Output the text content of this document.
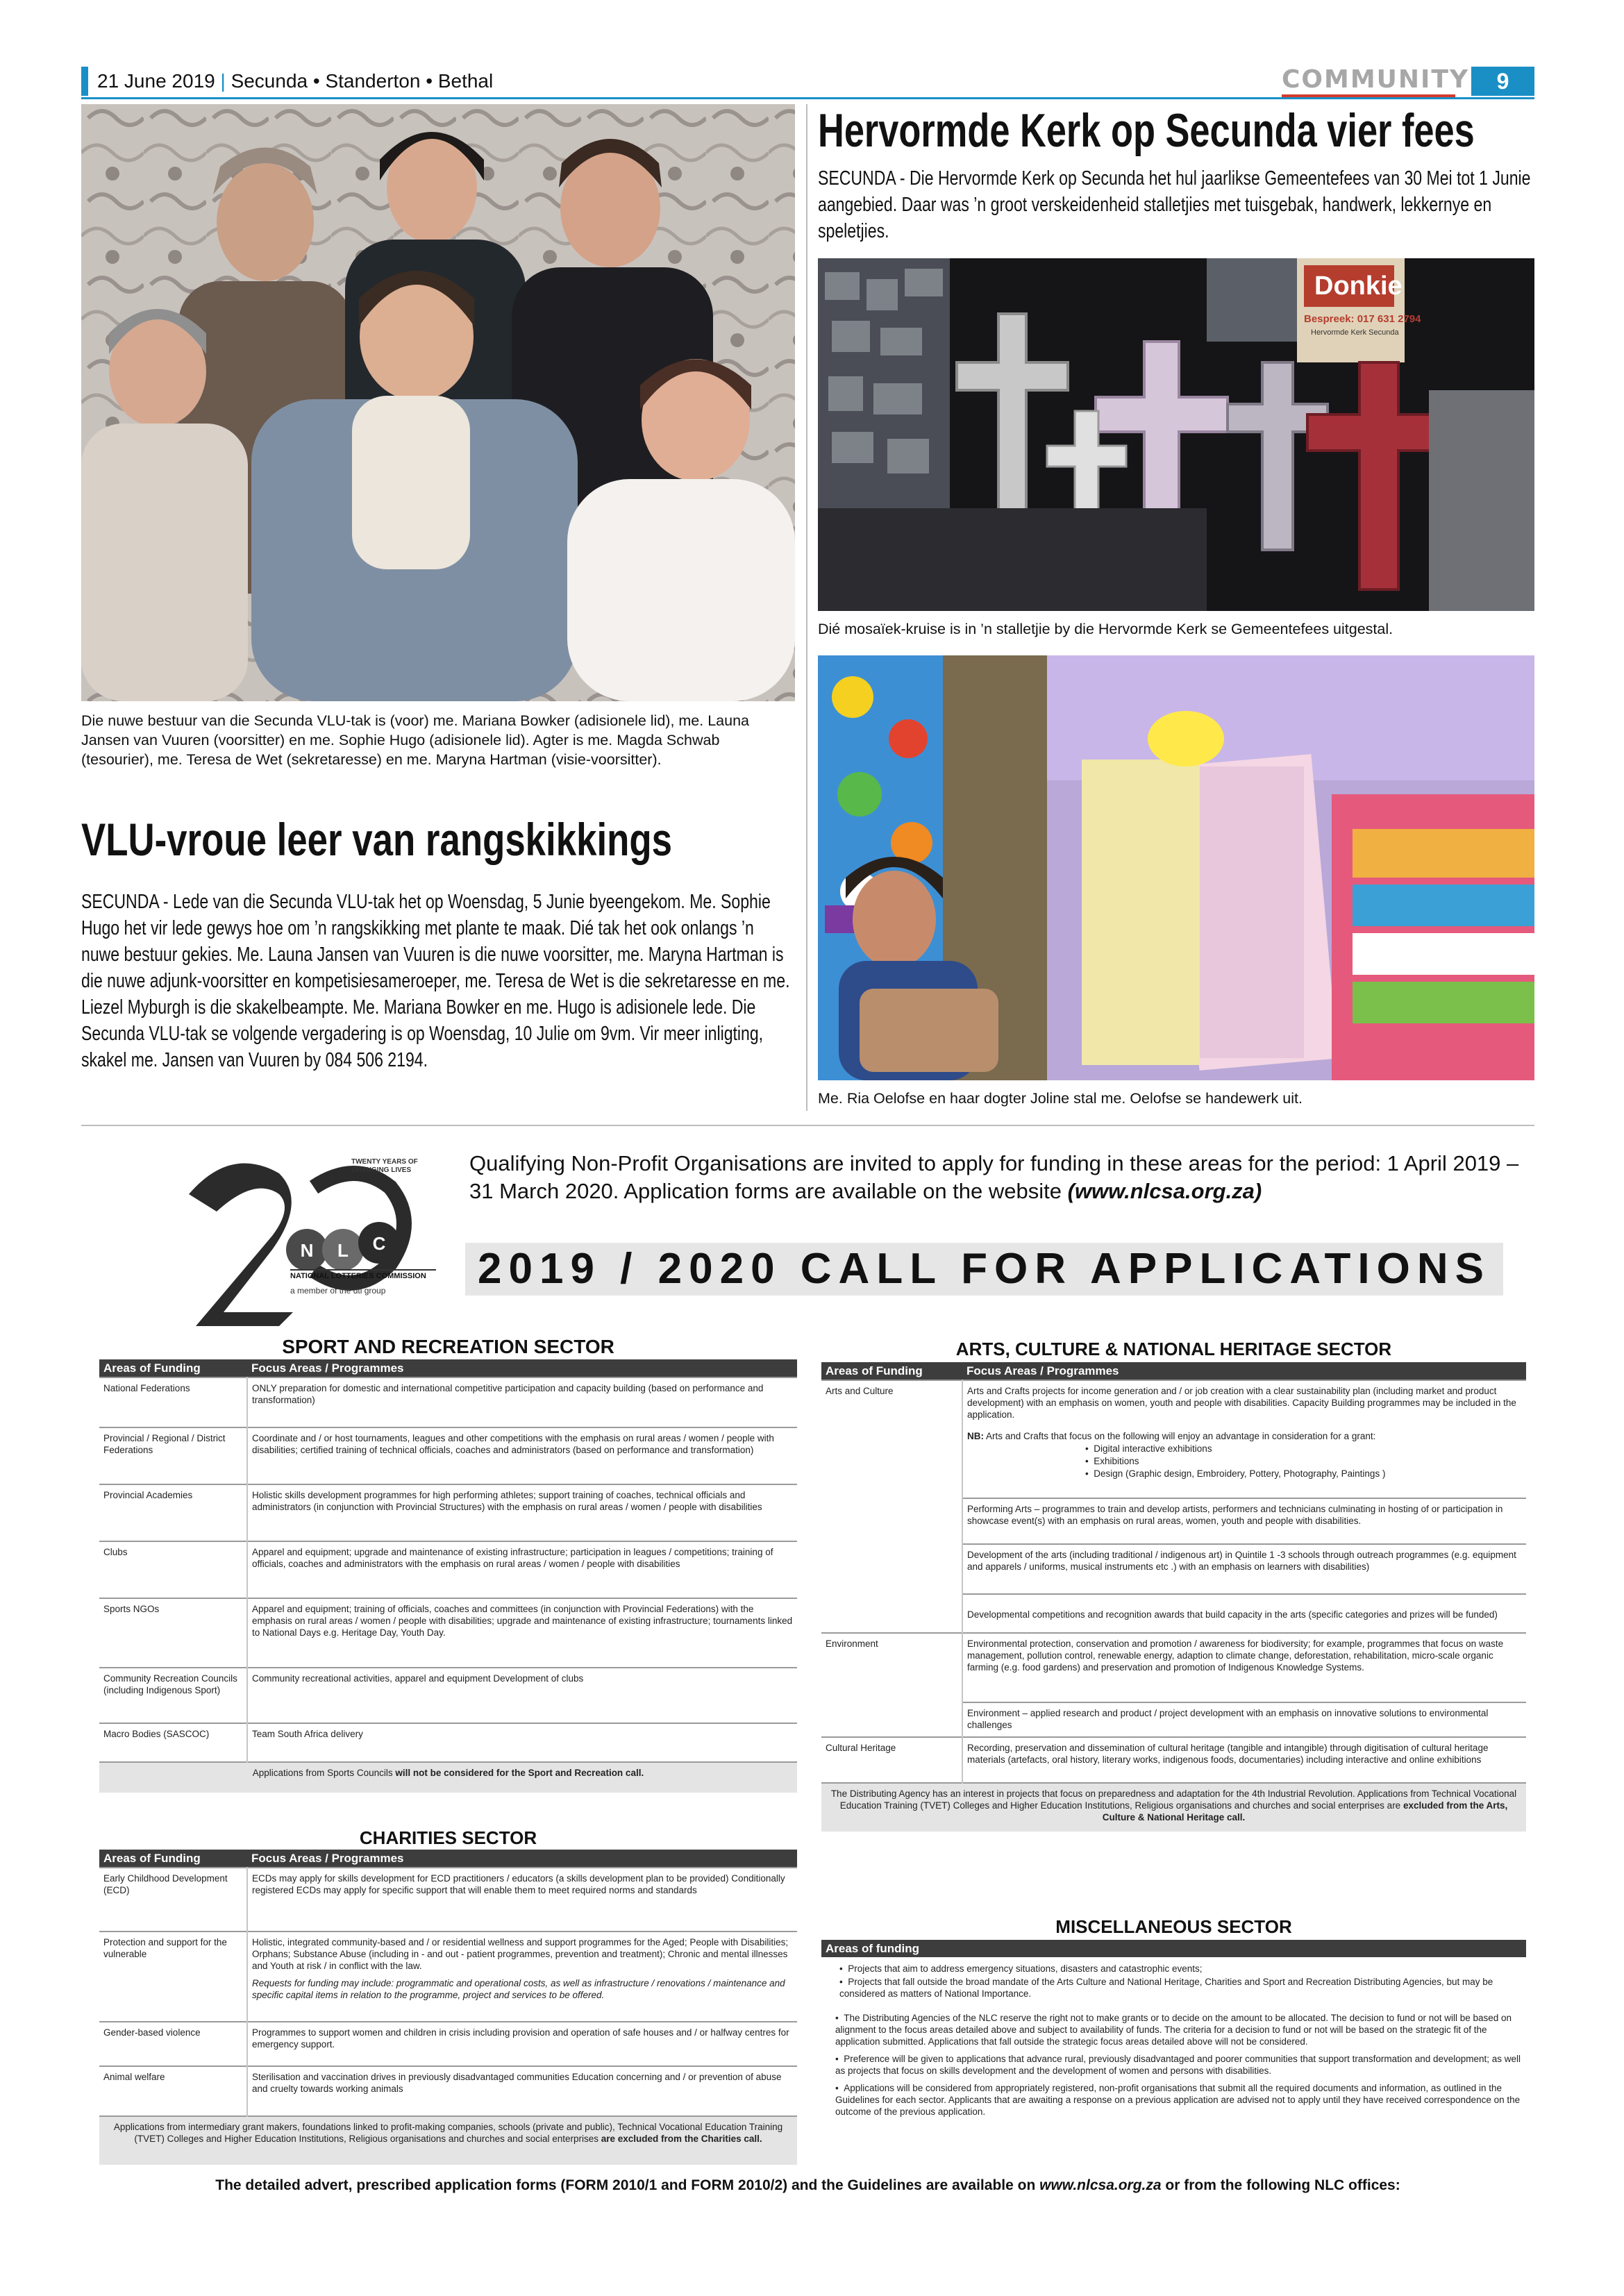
21 June 2019 | Secunda • Standerton • Bethal	COMMUNITY	9
Die nuwe bestuur van die Secunda VLU-tak is (voor) me. Mariana Bowker (adisionele lid), me. Launa Jansen van Vuuren (voorsitter) en me. Sophie Hugo (adisionele lid). Agter is me. Magda Schwab (tesourier), me. Teresa de Wet (sekretaresse) en me. Maryna Hartman (visie-voorsitter).
VLU-vroue leer van rangskikkings
SECUNDA - Lede van die Secunda VLU-tak het op Woensdag, 5 Junie byeengekom. Me. Sophie Hugo het vir lede gewys hoe om ’n rangskikking met plante te maak. Dié tak het ook onlangs ’n nuwe bestuur gekies. Me. Launa Jansen van Vuuren is die nuwe voorsitter, me. Maryna Hartman is die nuwe adjunk-voorsitter en kompetisiesameroeper, me. Teresa de Wet is die sekretaresse en me. Liezel Myburgh is die skakelbeampte. Me. Mariana Bowker en me. Hugo is adisionele lede. Die Secunda VLU-tak se volgende vergadering is op Woensdag, 10 Julie om 9vm. Vir meer inligting, skakel me. Jansen van Vuuren by 084 506 2194.
Hervormde Kerk op Secunda vier fees
SECUNDA - Die Hervormde Kerk op Secunda het hul jaarlikse Gemeentefees van 30 Mei tot 1 Junie aangebied. Daar was ’n groot verskeidenheid stalletjies met tuisgebak, handwerk, lekkernye en speletjies.
Donkie
Bespreek: 017 631 2794
Hervormde Kerk Secunda
Dié mosaïek-kruise is in ’n stalletjie by die Hervormde Kerk se Gemeentefees uitgestal.
Me. Ria Oelofse en haar dogter Joline stal me. Oelofse se handewerk uit.
N L C
TWENTY YEARS OF CHANGING LIVES
NATIONAL LOTTERIES COMMISSION
a member of the dti group
Qualifying Non-Profit Organisations are invited to apply for funding in these areas for the period: 1 April 2019 – 31 March 2020. Application forms are available on the website (www.nlcsa.org.za)
2019 / 2020 CALL FOR APPLICATIONS
SPORT AND RECREATION SECTOR
Areas of Funding	Focus Areas / Programmes
National Federations	ONLY preparation for domestic and international competitive participation and capacity building (based on performance and transformation)
Provincial / Regional / District Federations	Coordinate and / or host tournaments, leagues and other competitions with the emphasis on rural areas / women / people with disabilities; certified training of technical officials, coaches and administrators (based on performance and transformation)
Provincial Academies	Holistic skills development programmes for high performing athletes; support training of coaches, technical officials and administrators (in conjunction with Provincial Structures) with the emphasis on rural areas / women / people with disabilities
Clubs	Apparel and equipment; upgrade and maintenance of existing infrastructure; participation in leagues / competitions; training of officials, coaches and administrators with the emphasis on rural areas / women / people with disabilities
Sports NGOs	Apparel and equipment; training of officials, coaches and committees (in conjunction with Provincial Federations) with the emphasis on rural areas / women / people with disabilities; upgrade and maintenance of existing infrastructure; tournaments linked to National Days e.g. Heritage Day, Youth Day.
Community Recreation Councils (including Indigenous Sport)	Community recreational activities, apparel and equipment Development of clubs
Macro Bodies (SASCOC)	Team South Africa delivery
Applications from Sports Councils will not be considered for the Sport and Recreation call.	
CHARITIES SECTOR
Areas of Funding	Focus Areas / Programmes
Early Childhood Development (ECD)	ECDs may apply for skills development for ECD practitioners / educators (a skills development plan to be provided) Conditionally registered ECDs may apply for specific support that will enable them to meet required norms and standards
Protection and support for the vulnerable	Holistic, integrated community-based and / or residential wellness and support programmes for the Aged; People with Disabilities; Orphans; Substance Abuse (including in - and out - patient programmes, prevention and treatment); Chronic and mental illnesses and Youth at risk / in conflict with the law.
Requests for funding may include: programmatic and operational costs, as well as infrastructure / renovations / maintenance and specific capital items in relation to the programme, project and services to be offered.

Gender-based violence	Programmes to support women and children in crisis including provision and operation of safe houses and / or halfway centres for emergency support.
Animal welfare	Sterilisation and vaccination drives in previously disadvantaged communities Education concerning and / or prevention of abuse and cruelty towards working animals
Applications from intermediary grant makers, foundations linked to profit-making companies, schools (private and public), Technical Vocational Education Training (TVET) Colleges and Higher Education Institutions, Religious organisations and churches and social enterprises are excluded from the Charities call.	
ARTS, CULTURE & NATIONAL HERITAGE SECTOR
Areas of Funding	Focus Areas / Programmes
Arts and Culture	Arts and Crafts projects for income generation and / or job creation with a clear sustainability plan (including market and product development) with an emphasis on women, youth and people with disabilities. Capacity Building programmes may be included in the application.
NB: Arts and Crafts that focus on the following will enjoy an advantage in consideration for a grant:
•  Digital interactive exhibitions
•  Exhibitions
•  Design (Graphic design, Embroidery, Pottery, Photography, Paintings )

	Performing Arts – programmes to train and develop artists, performers and technicians culminating in hosting of or participation in showcase event(s) with an emphasis on rural areas, women, youth and people with disabilities.
	Development of the arts (including traditional / indigenous art) in Quintile 1 -3 schools through outreach programmes (e.g. equipment and apparels / uniforms, musical instruments etc .) with an emphasis on learners with disabilities)
	Developmental competitions and recognition awards that build capacity in the arts (specific categories and prizes will be funded)
Environment	Environmental protection, conservation and promotion / awareness for biodiversity; for example, programmes that focus on waste management, pollution control, renewable energy, adaption to climate change, deforestation, rehabilitation, micro-scale organic farming (e.g. food gardens) and preservation and promotion of Indigenous Knowledge Systems.
	Environment – applied research and product / project development with an emphasis on innovative solutions to environmental challenges
Cultural Heritage	Recording, preservation and dissemination of cultural heritage (tangible and intangible) through digitisation of cultural heritage materials (artefacts, oral history, literary works, indigenous foods, documentaries) including interactive and online exhibitions
The Distributing Agency has an interest in projects that focus on preparedness and adaptation for the 4th Industrial Revolution. Applications from Technical Vocational Education Training (TVET) Colleges and Higher Education Institutions, Religious organisations and churches and social enterprises are excluded from the Arts, Culture & National Heritage call.	
MISCELLANEOUS SECTOR
Areas of funding

•  Projects that aim to address emergency situations, disasters and catastrophic events;
•  Projects that fall outside the broad mandate of the Arts Culture and National Heritage, Charities and Sport and Recreation Distributing Agencies, but may be considered as matters of National Importance.
•  The Distributing Agencies of the NLC reserve the right not to make grants or to decide on the amount to be allocated. The decision to fund or not will be based on alignment to the focus areas detailed above and subject to availability of funds. The criteria for a decision to fund or not will be based on the strategic fit of the application submitted. Applications that fall outside the strategic focus areas detailed above will not be considered.
•  Preference will be given to applications that advance rural, previously disadvantaged and poorer communities that support transformation and development; as well as projects that focus on skills development and the development of women and persons with disabilities.
•  Applications will be considered from appropriately registered, non-profit organisations that submit all the required documents and information, as outlined in the Guidelines for each sector. Applicants that are awaiting a response on a previous application are advised not to apply until they have received correspondence on the outcome of the previous application.
The detailed advert, prescribed application forms (FORM 2010/1 and FORM 2010/2) and the Guidelines are available on www.nlcsa.org.za or from the following NLC offices:
